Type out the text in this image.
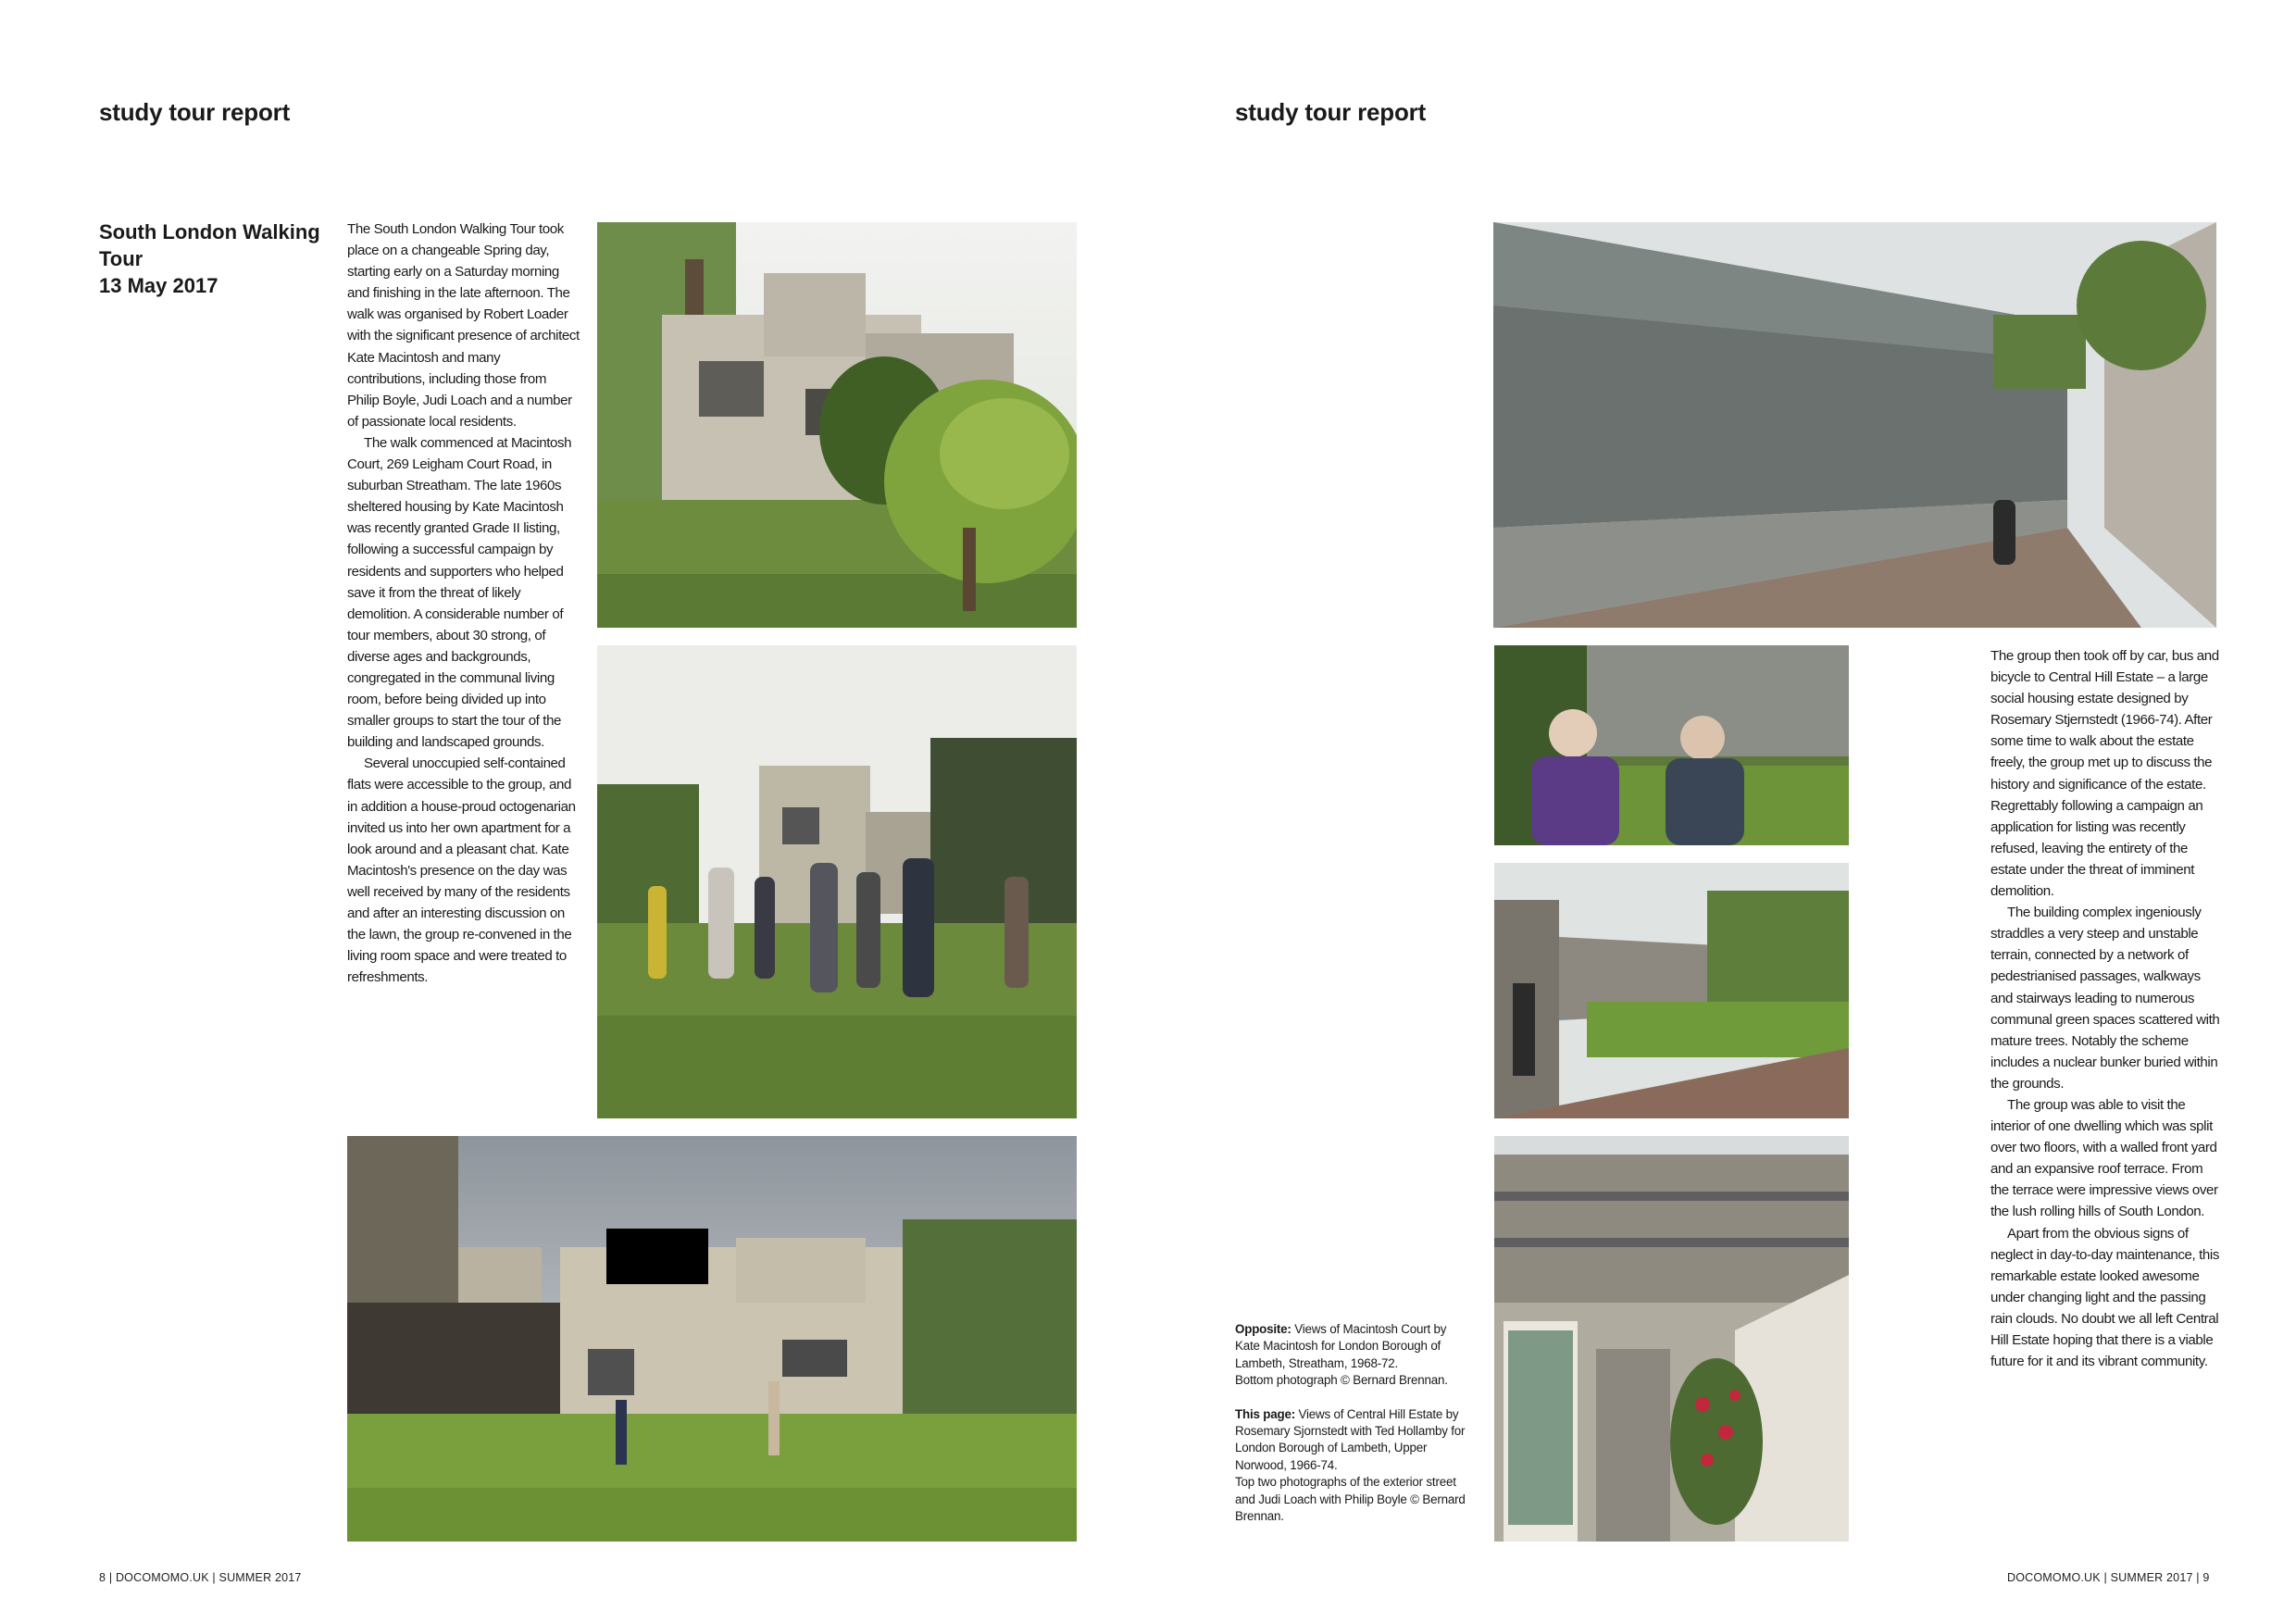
study tour report
South London Walking
Tour
13 May 2017

The South London Walking Tour took place on a changeable Spring day, starting early on a Saturday morning and finishing in the late afternoon. The walk was organised by Robert Loader with the significant presence of architect Kate Macintosh and many contributions, including those from Philip Boyle, Judi Loach and a number of passionate local residents.

The walk commenced at Macintosh Court, 269 Leigham Court Road, in suburban Streatham. The late 1960s sheltered housing by Kate Macintosh was recently granted Grade II listing, following a successful campaign by residents and supporters who helped save it from the threat of likely demolition. A considerable number of tour members, about 30 strong, of diverse ages and backgrounds, congregated in the communal living room, before being divided up into smaller groups to start the tour of the building and landscaped grounds.

Several unoccupied self-contained flats were accessible to the group, and in addition a house-proud octogenarian invited us into her own apartment for a look around and a pleasant chat. Kate Macintosh's presence on the day was well received by many of the residents and after an interesting discussion on the lawn, the group re-convened in the living room space and were treated to refreshments.

8 | DOCOMOMO.UK | SUMMER 2017
study tour report

The group then took off by car, bus and bicycle to Central Hill Estate – a large social housing estate designed by Rosemary Stjernstedt (1966-74). After some time to walk about the estate freely, the group met up to discuss the history and significance of the estate. Regrettably following a campaign an application for listing was recently refused, leaving the entirety of the estate under the threat of imminent demolition.

The building complex ingeniously straddles a very steep and unstable terrain, connected by a network of pedestrianised passages, walkways and stairways leading to numerous communal green spaces scattered with mature trees. Notably the scheme includes a nuclear bunker buried within the grounds.

The group was able to visit the interior of one dwelling which was split over two floors, with a walled front yard and an expansive roof terrace. From the terrace were impressive views over the lush rolling hills of South London.

Apart from the obvious signs of neglect in day-to-day maintenance, this remarkable estate looked awesome under changing light and the passing rain clouds. No doubt we all left Central Hill Estate hoping that there is a viable future for it and its vibrant community.

DOCOMOMO.UK | SUMMER 2017 | 9

Opposite: Views of Macintosh Court by Kate Macintosh for London Borough of Lambeth, Streatham, 1968-72.

Bottom photograph © Bernard Brennan.

This page: Views of Central Hill Estate by Rosemary Sjornstedt with Ted Hollamby for London Borough of Lambeth, Upper Norwood, 1966-74.

Top two photographs of the exterior street and Judi Loach with Philip Boyle © Bernard Brennan.
